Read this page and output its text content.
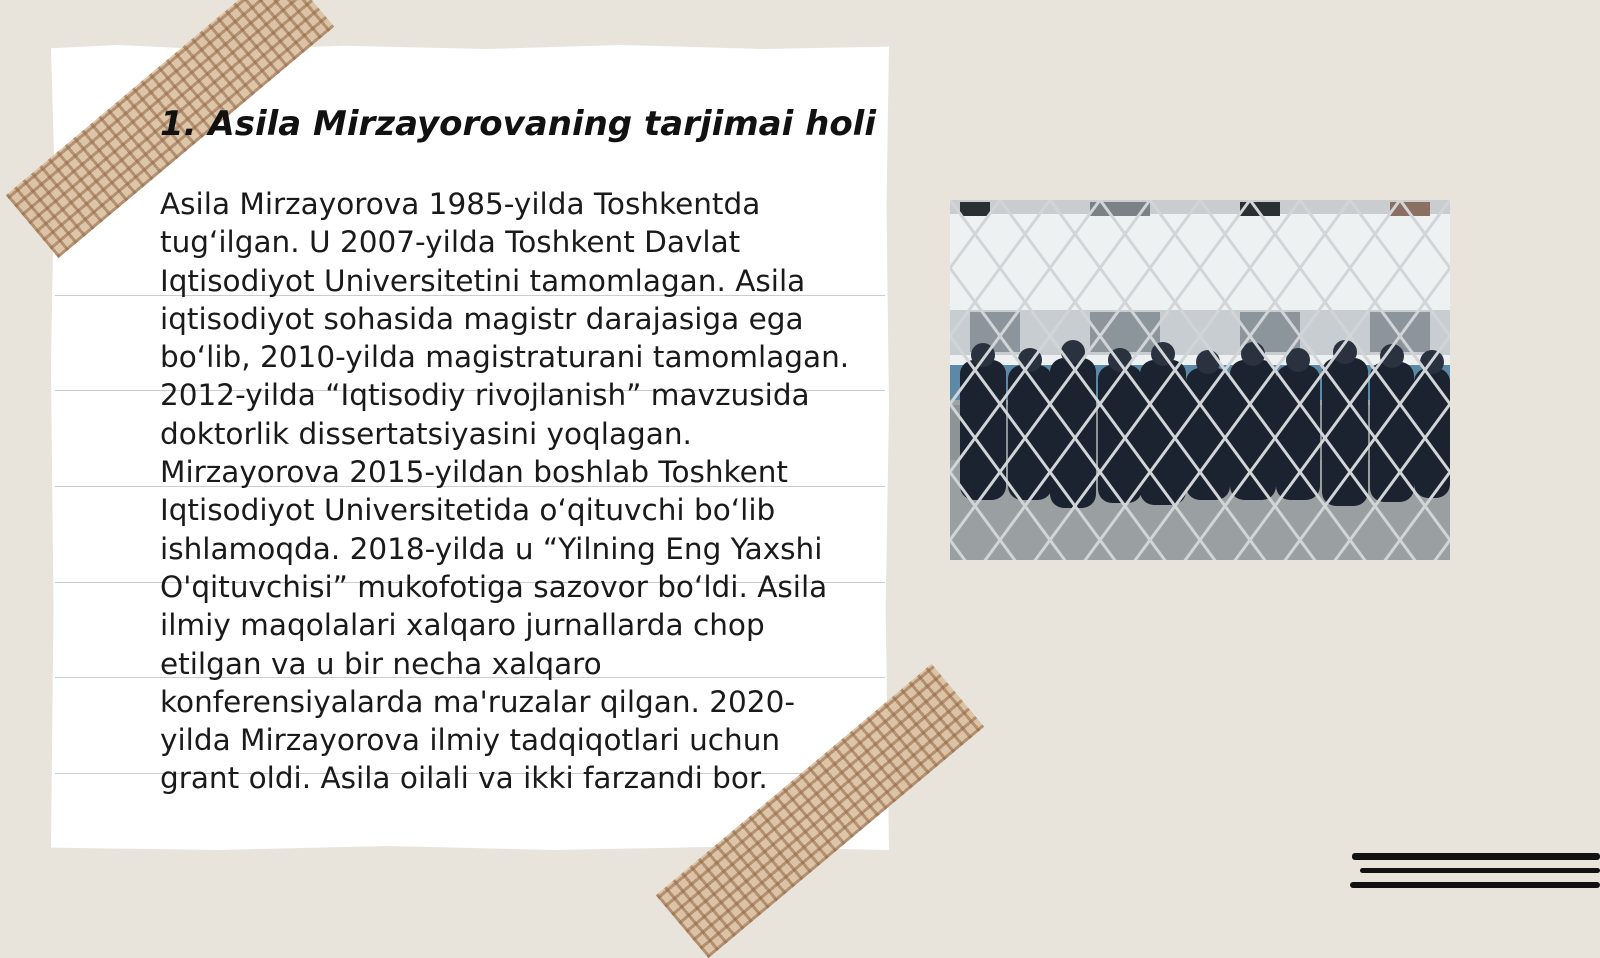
1. Asila Mirzayorovaning tarjimai holi

Asila Mirzayorova 1985-yilda Toshkentda tugʻilgan. U 2007-yilda Toshkent Davlat Iqtisodiyot Universitetini tamomlagan. Asila iqtisodiyot sohasida magistr darajasiga ega boʻlib, 2010-yilda magistraturani tamomlagan. 2012-yilda “Iqtisodiy rivojlanish” mavzusida doktorlik dissertatsiyasini yoqlagan. Mirzayorova 2015-yildan boshlab Toshkent Iqtisodiyot Universitetida oʻqituvchi boʻlib ishlamoqda. 2018-yilda u “Yilning Eng Yaxshi O'qituvchisi” mukofotiga sazovor boʻldi. Asila ilmiy maqolalari xalqaro jurnallarda chop etilgan va u bir necha xalqaro konferensiyalarda ma'ruzalar qilgan. 2020-yilda Mirzayorova ilmiy tadqiqotlari uchun grant oldi. Asila oilali va ikki farzandi bor.
